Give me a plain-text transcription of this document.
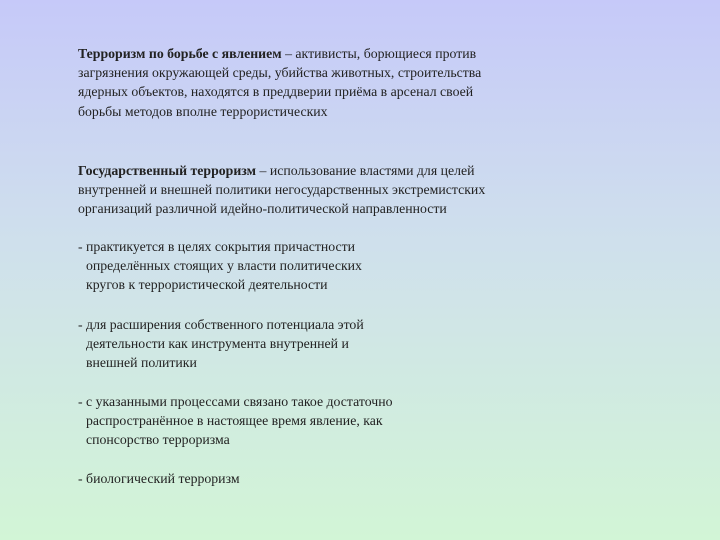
Терроризм по борьбе с явлением – активисты, борющиеся против
загрязнения окружающей среды, убийства животных, строительства
ядерных объектов, находятся в преддверии приёма в арсенал своей
борьбы методов вполне террористических

Государственный терроризм – использование властями для целей
внутренней и внешней политики негосударственных экстремистских
организаций различной идейно-политической направленности

- практикуется в целях сокрытия причастности
определённых стоящих у власти политических
кругов к террористической деятельности

- для расширения собственного потенциала этой
деятельности как инструмента внутренней и
внешней политики

- с указанными процессами связано такое достаточно
распространённое в настоящее время явление, как
спонсорство терроризма

- биологический терроризм
